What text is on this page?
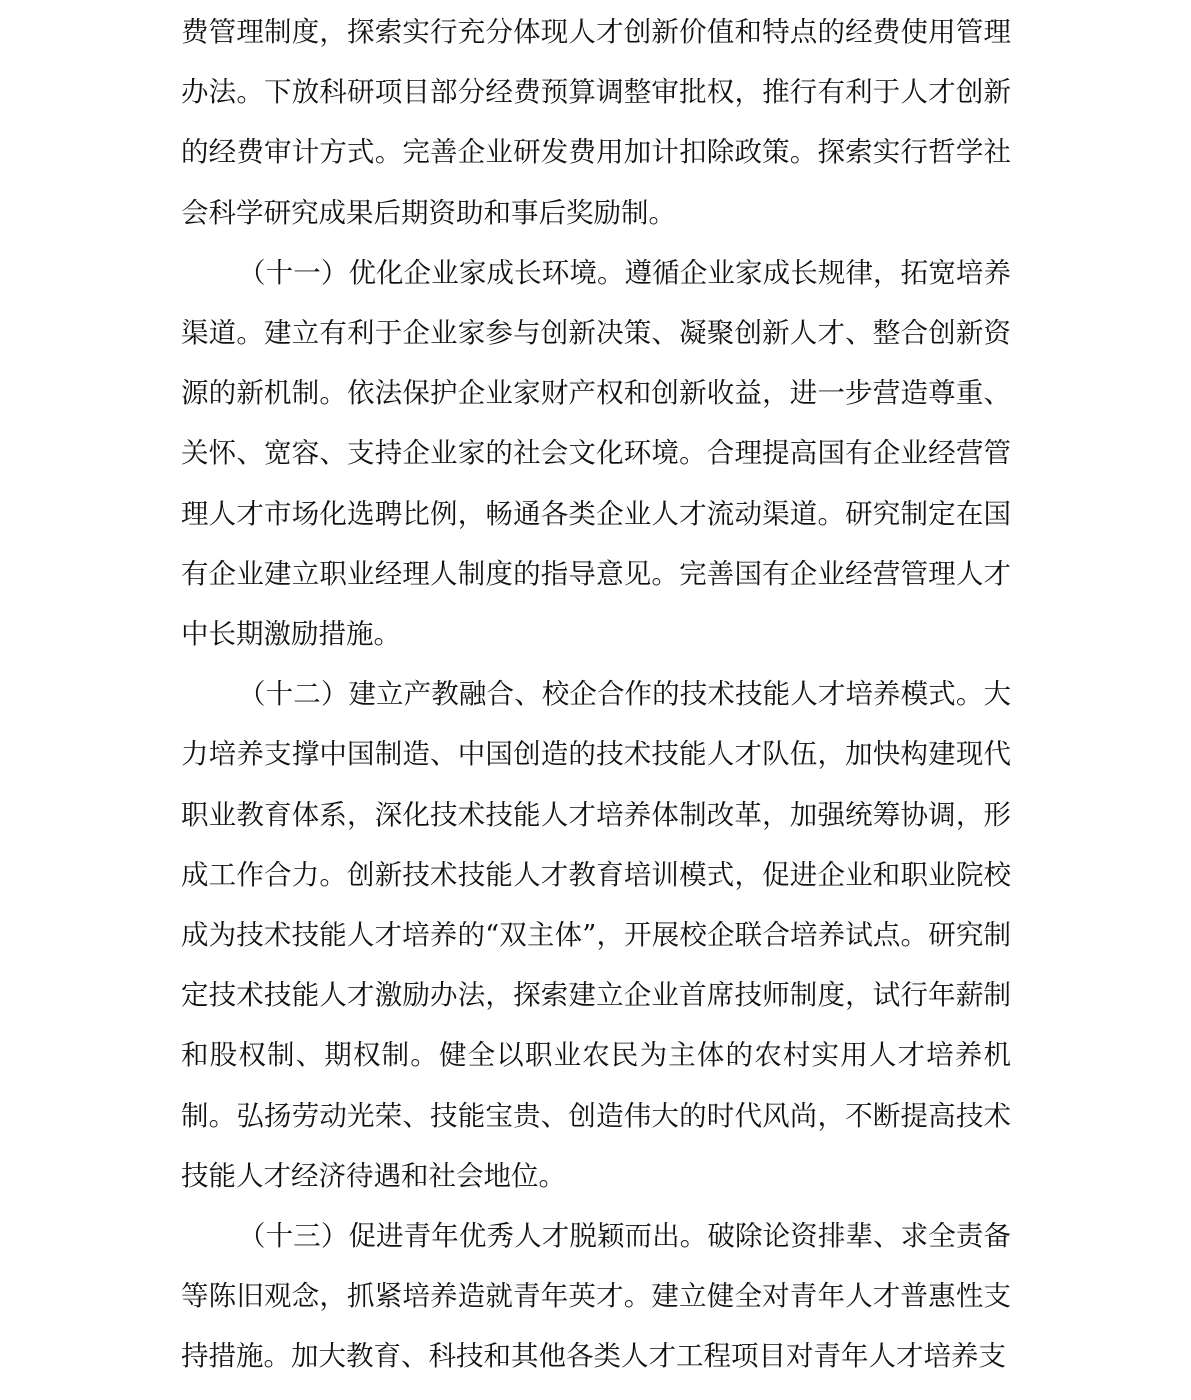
费管理制度，探索实行充分体现人才创新价值和特点的经费使用管理办法。下放科研项目部分经费预算调整审批权，推行有利于人才创新的经费审计方式。完善企业研发费用加计扣除政策。探索实行哲学社会科学研究成果后期资助和事后奖励制。

（十一）优化企业家成长环境。遵循企业家成长规律，拓宽培养渠道。建立有利于企业家参与创新决策、凝聚创新人才、整合创新资源的新机制。依法保护企业家财产权和创新收益，进一步营造尊重、关怀、宽容、支持企业家的社会文化环境。合理提高国有企业经营管理人才市场化选聘比例，畅通各类企业人才流动渠道。研究制定在国有企业建立职业经理人制度的指导意见。完善国有企业经营管理人才中长期激励措施。

（十二）建立产教融合、校企合作的技术技能人才培养模式。大力培养支撑中国制造、中国创造的技术技能人才队伍，加快构建现代职业教育体系，深化技术技能人才培养体制改革，加强统筹协调，形成工作合力。创新技术技能人才教育培训模式，促进企业和职业院校成为技术技能人才培养的“双主体”，开展校企联合培养试点。研究制定技术技能人才激励办法，探索建立企业首席技师制度，试行年薪制和股权制、期权制。健全以职业农民为主体的农村实用人才培养机制。弘扬劳动光荣、技能宝贵、创造伟大的时代风尚，不断提高技术技能人才经济待遇和社会地位。

（十三）促进青年优秀人才脱颖而出。破除论资排辈、求全责备等陈旧观念，抓紧培养造就青年英才。建立健全对青年人才普惠性支持措施。加大教育、科技和其他各类人才工程项目对青年人才培养支
